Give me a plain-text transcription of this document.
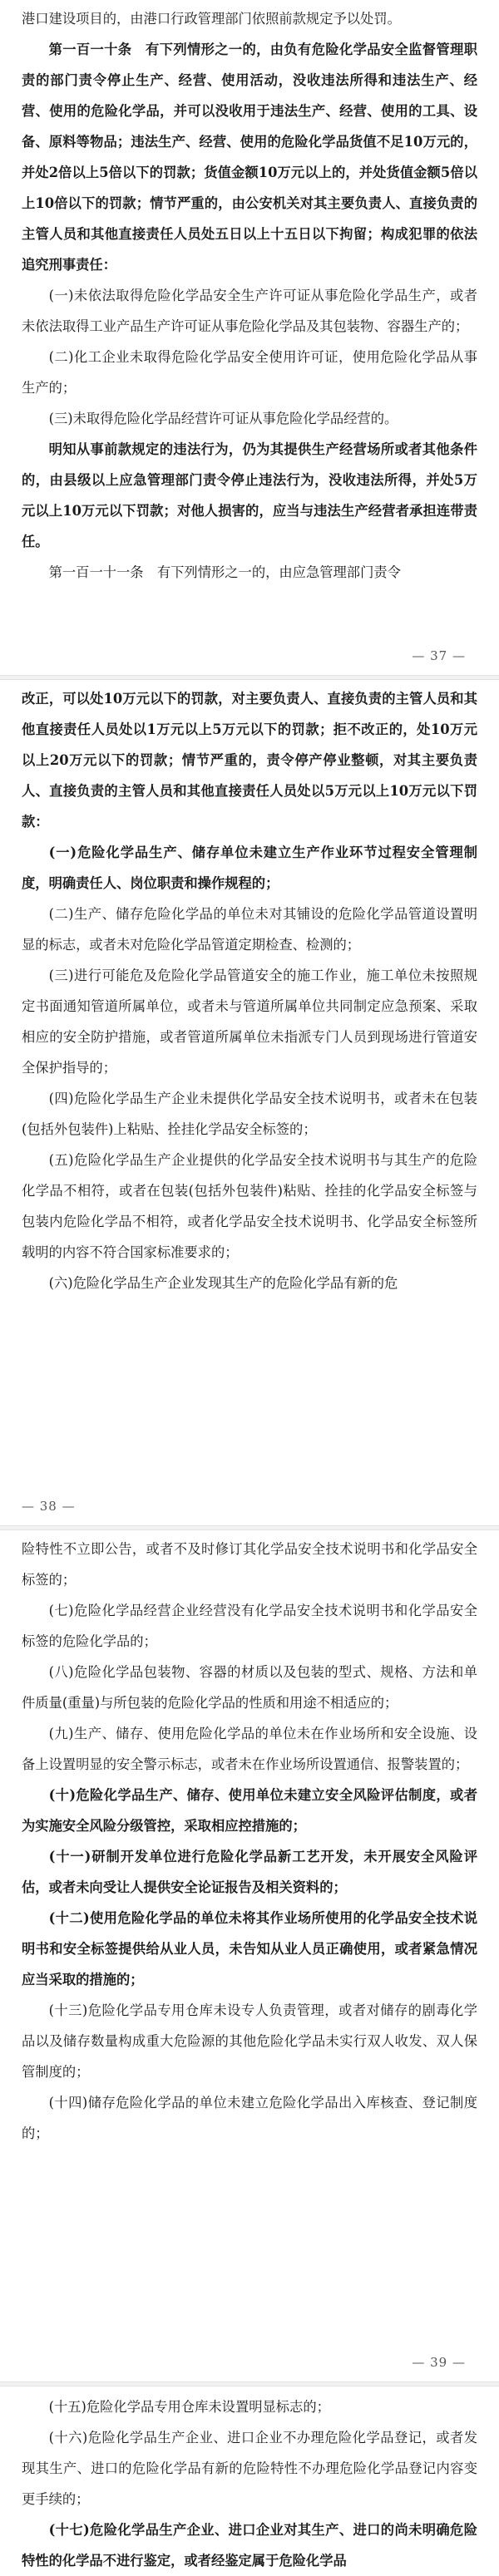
港口建设项目的，由港口行政管理部门依照前款规定予以处罚。

第一百一十条　有下列情形之一的，由负有危险化学品安全监督管理职责的部门责令停止生产、经营、使用活动，没收违法所得和违法生产、经营、使用的危险化学品，并可以没收用于违法生产、经营、使用的工具、设备、原料等物品；违法生产、经营、使用的危险化学品货值不足10万元的，并处2倍以上5倍以下的罚款；货值金额10万元以上的，并处货值金额5倍以上10倍以下的罚款；情节严重的，由公安机关对其主要负责人、直接负责的主管人员和其他直接责任人员处五日以上十五日以下拘留；构成犯罪的依法追究刑事责任：

(一)未依法取得危险化学品安全生产许可证从事危险化学品生产，或者未依法取得工业产品生产许可证从事危险化学品及其包装物、容器生产的；

(二)化工企业未取得危险化学品安全使用许可证，使用危险化学品从事生产的；

(三)未取得危险化学品经营许可证从事危险化学品经营的。

明知从事前款规定的违法行为，仍为其提供生产经营场所或者其他条件的，由县级以上应急管理部门责令停止违法行为，没收违法所得，并处5万元以上10万元以下罚款；对他人损害的，应当与违法生产经营者承担连带责任。

第一百一十一条　有下列情形之一的，由应急管理部门责令

— 37 —

改正，可以处10万元以下的罚款，对主要负责人、直接负责的主管人员和其他直接责任人员处以1万元以上5万元以下的罚款；拒不改正的，处10万元以上20万元以下的罚款；情节严重的，责令停产停业整顿，对其主要负责人、直接负责的主管人员和其他直接责任人员处以5万元以上10万元以下罚款：

(一)危险化学品生产、储存单位未建立生产作业环节过程安全管理制度，明确责任人、岗位职责和操作规程的；

(二)生产、储存危险化学品的单位未对其铺设的危险化学品管道设置明显的标志，或者未对危险化学品管道定期检查、检测的；

(三)进行可能危及危险化学品管道安全的施工作业，施工单位未按照规定书面通知管道所属单位，或者未与管道所属单位共同制定应急预案、采取相应的安全防护措施，或者管道所属单位未指派专门人员到现场进行管道安全保护指导的；

(四)危险化学品生产企业未提供化学品安全技术说明书，或者未在包装(包括外包装件)上粘贴、拴挂化学品安全标签的；

(五)危险化学品生产企业提供的化学品安全技术说明书与其生产的危险化学品不相符，或者在包装(包括外包装件)粘贴、拴挂的化学品安全标签与包装内危险化学品不相符，或者化学品安全技术说明书、化学品安全标签所载明的内容不符合国家标准要求的；

(六)危险化学品生产企业发现其生产的危险化学品有新的危

— 38 —

险特性不立即公告，或者不及时修订其化学品安全技术说明书和化学品安全标签的；

(七)危险化学品经营企业经营没有化学品安全技术说明书和化学品安全标签的危险化学品的；

(八)危险化学品包装物、容器的材质以及包装的型式、规格、方法和单件质量(重量)与所包装的危险化学品的性质和用途不相适应的；

(九)生产、储存、使用危险化学品的单位未在作业场所和安全设施、设备上设置明显的安全警示标志，或者未在作业场所设置通信、报警装置的；

(十)危险化学品生产、储存、使用单位未建立安全风险评估制度，或者为实施安全风险分级管控，采取相应控措施的；

(十一)研制开发单位进行危险化学品新工艺开发，未开展安全风险评估，或者未向受让人提供安全论证报告及相关资料的；

(十二)使用危险化学品的单位未将其作业场所使用的化学品安全技术说明书和安全标签提供给从业人员，未告知从业人员正确使用，或者紧急情况应当采取的措施的；

(十三)危险化学品专用仓库未设专人负责管理，或者对储存的剧毒化学品以及储存数量构成重大危险源的其他危险化学品未实行双人收发、双人保管制度的；

(十四)储存危险化学品的单位未建立危险化学品出入库核查、登记制度的；

— 39 —

(十五)危险化学品专用仓库未设置明显标志的；

(十六)危险化学品生产企业、进口企业不办理危险化学品登记，或者发现其生产、进口的危险化学品有新的危险特性不办理危险化学品登记内容变更手续的；

(十七)危险化学品生产企业、进口企业对其生产、进口的尚未明确危险特性的化学品不进行鉴定，或者经鉴定属于危险化学品
